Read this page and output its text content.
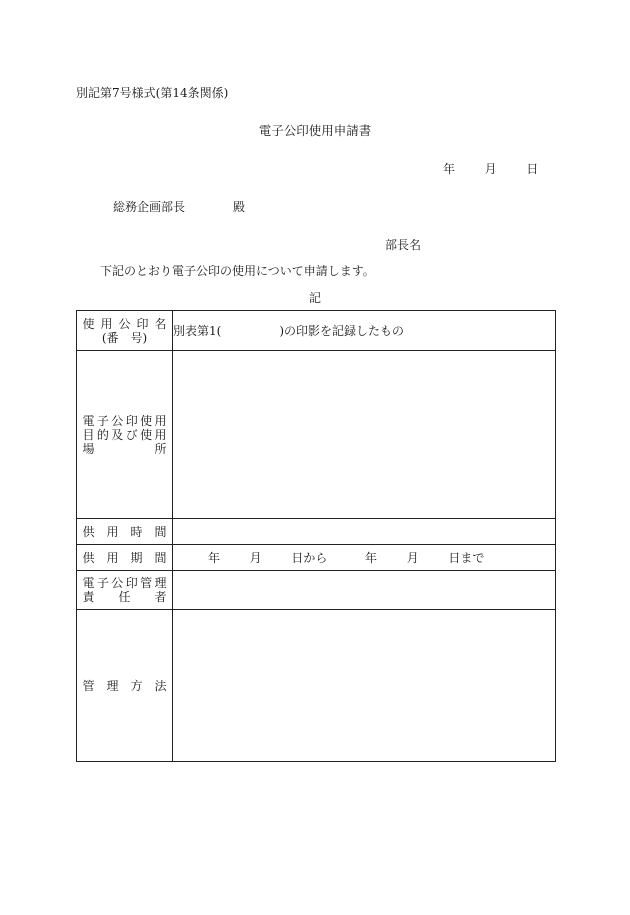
別記第7号様式(第14条関係)
電子公印使用申請書
年 月 日
総務企画部長	殿
部長名
下記のとおり電子公印の使用について申請します。
記
使用公印名
(番　号)	別表第1( )の印影を記録したもの

電子公印使用
目的及び使用
場所	

供用時間	

供用期間	年 月 日から 年 月 日まで

電子公印管理
責任者	

管理方法	
